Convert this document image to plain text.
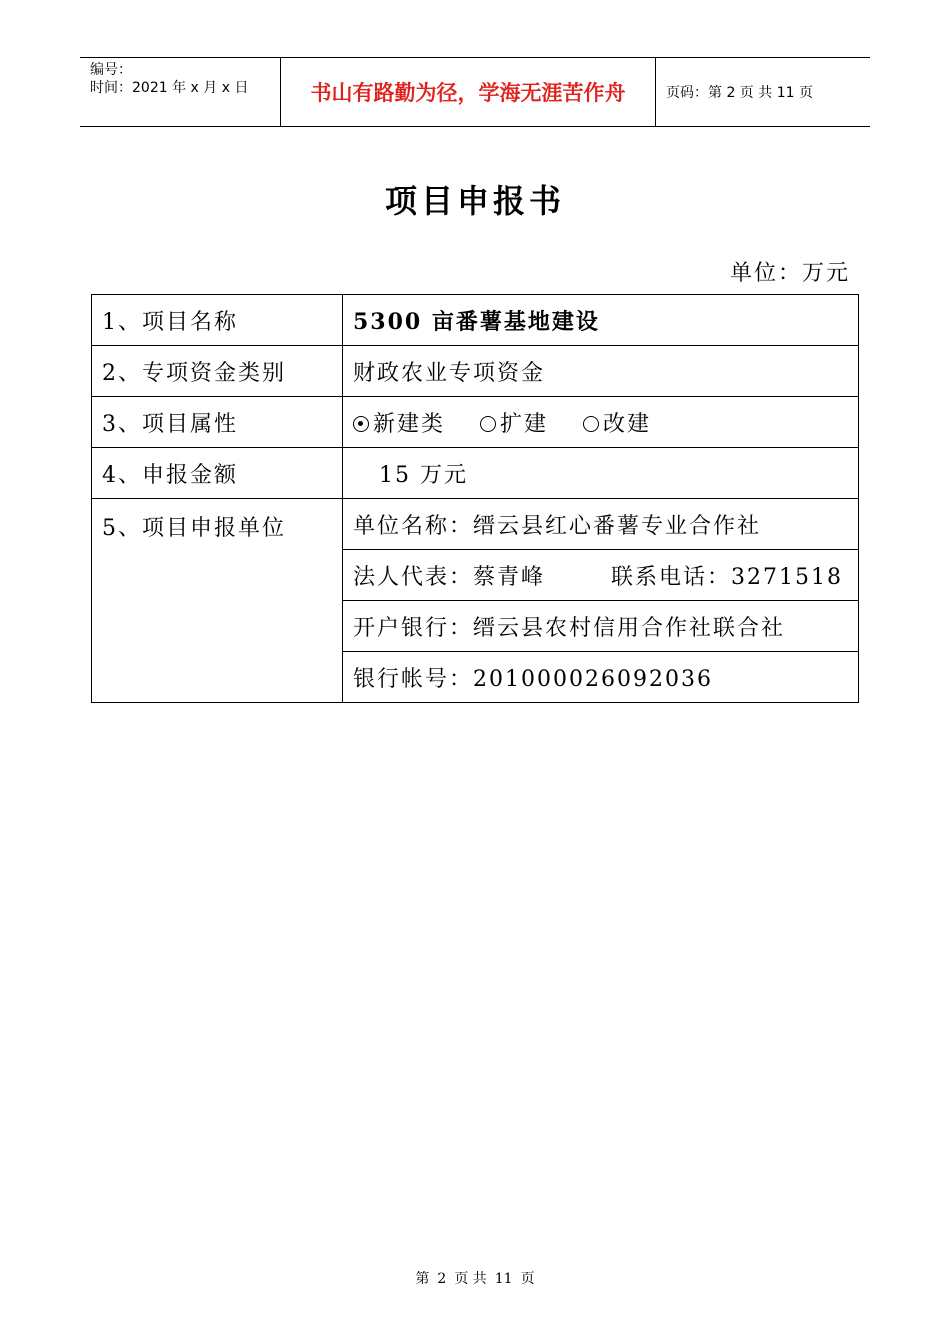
编号：
时间：2021 年 x 月 x 日	书山有路勤为径，学海无涯苦作舟	页码：第 2 页 共 11 页
项目申报书
单位：万元
1、项目名称	5300 亩番薯基地建设
2、专项资金类别	财政农业专项资金
3、项目属性	新建类 扩建 改建
4、申报金额	15 万元
5、项目申报单位	单位名称：缙云县红心番薯专业合作社
	法人代表：蔡青峰 联系电话：3271518
	开户银行：缙云县农村信用合作社联合社
	银行帐号：201000026092036
第 2 页 共 11 页
